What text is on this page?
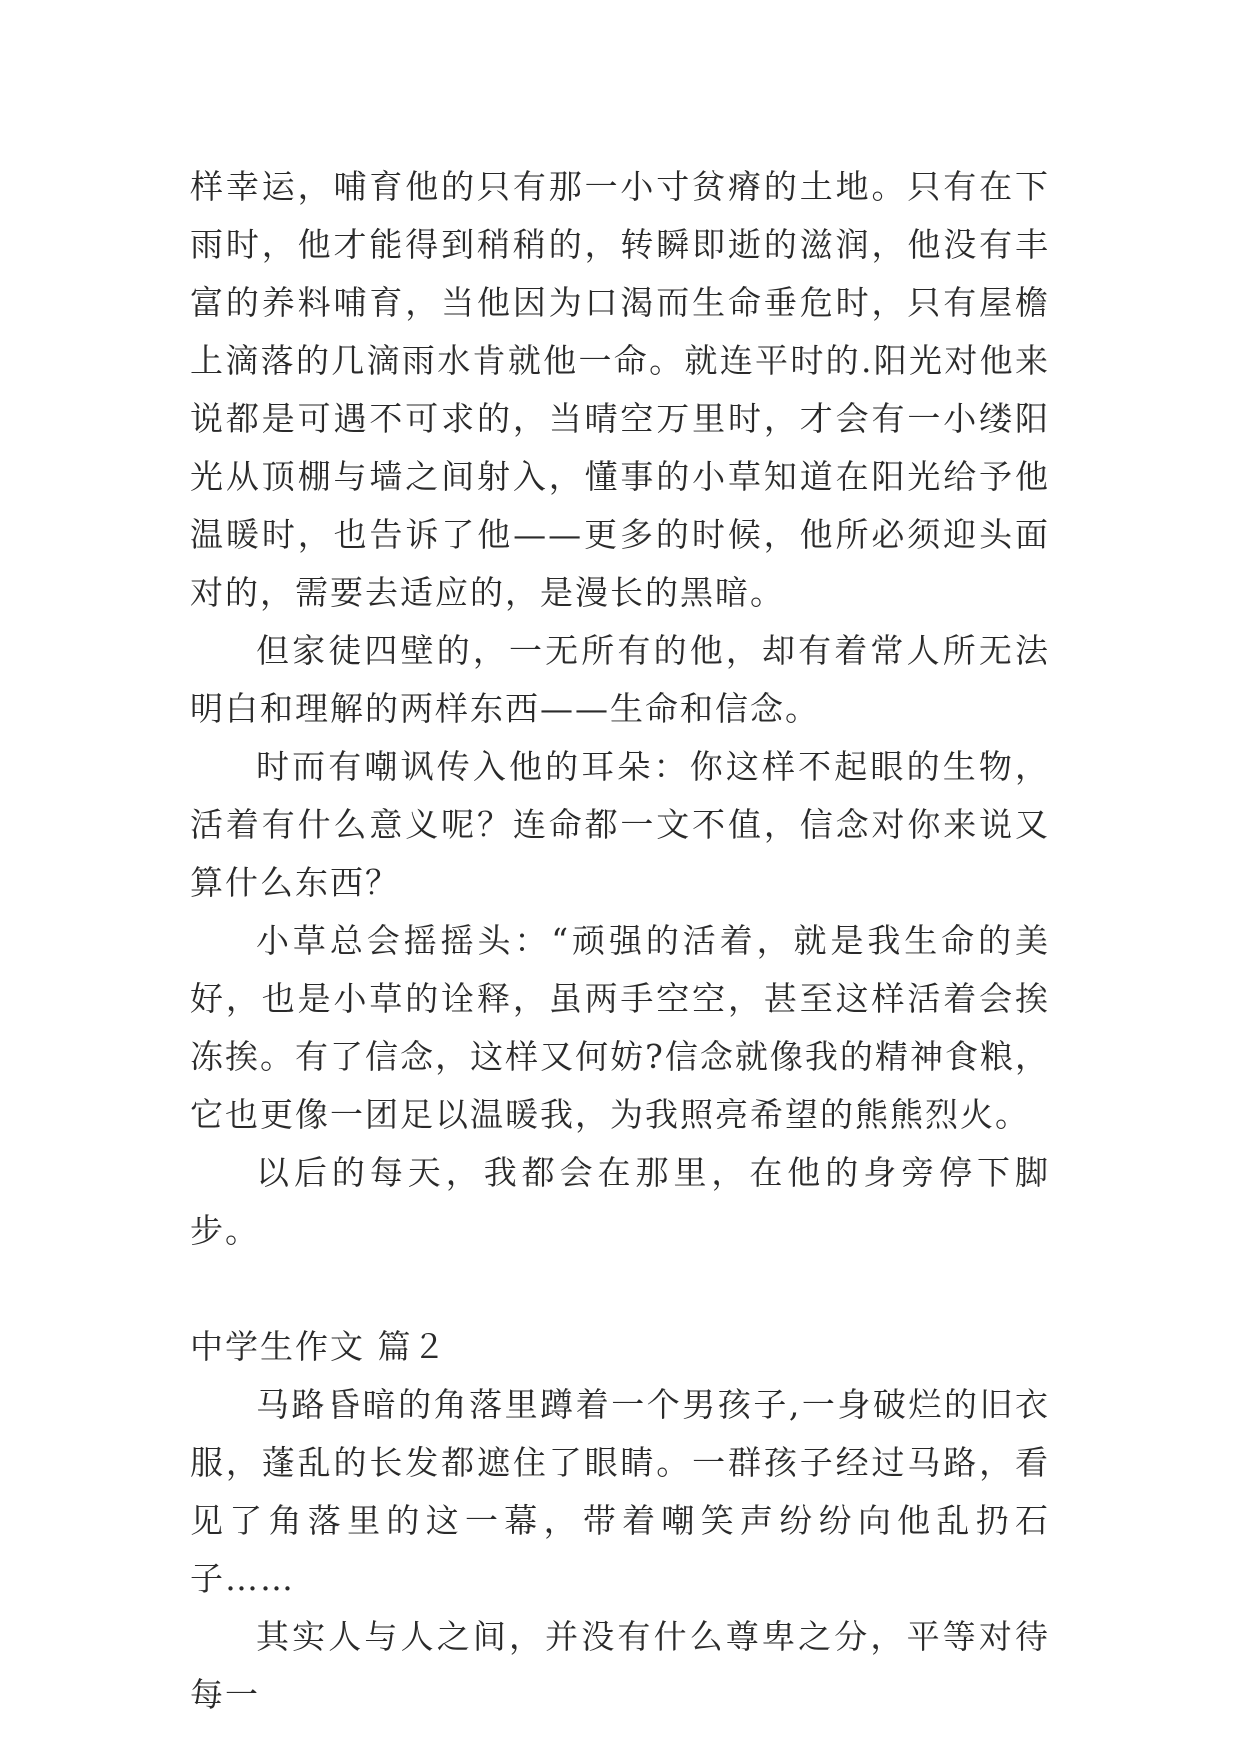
样幸运，哺育他的只有那一小寸贫瘠的土地。只有在下雨时，他才能得到稍稍的，转瞬即逝的滋润，他没有丰富的养料哺育，当他因为口渴而生命垂危时，只有屋檐上滴落的几滴雨水肯就他一命。就连平时的.阳光对他来说都是可遇不可求的，当晴空万里时，才会有一小缕阳光从顶棚与墙之间射入，懂事的小草知道在阳光给予他温暖时，也告诉了他——更多的时候，他所必须迎头面对的，需要去适应的，是漫长的黑暗。

但家徒四壁的，一无所有的他，却有着常人所无法明白和理解的两样东西——生命和信念。

时而有嘲讽传入他的耳朵：你这样不起眼的生物，活着有什么意义呢？连命都一文不值，信念对你来说又算什么东西？

小草总会摇摇头：“顽强的活着，就是我生命的美好，也是小草的诠释，虽两手空空，甚至这样活着会挨冻挨。有了信念，这样又何妨?信念就像我的精神食粮，它也更像一团足以温暖我，为我照亮希望的熊熊烈火。

以后的每天，我都会在那里，在他的身旁停下脚步。

中学生作文 篇２

马路昏暗的角落里蹲着一个男孩子,一身破烂的旧衣服，蓬乱的长发都遮住了眼睛。一群孩子经过马路，看见了角落里的这一幕，带着嘲笑声纷纷向他乱扔石子……

其实人与人之间，并没有什么尊卑之分，平等对待每一
